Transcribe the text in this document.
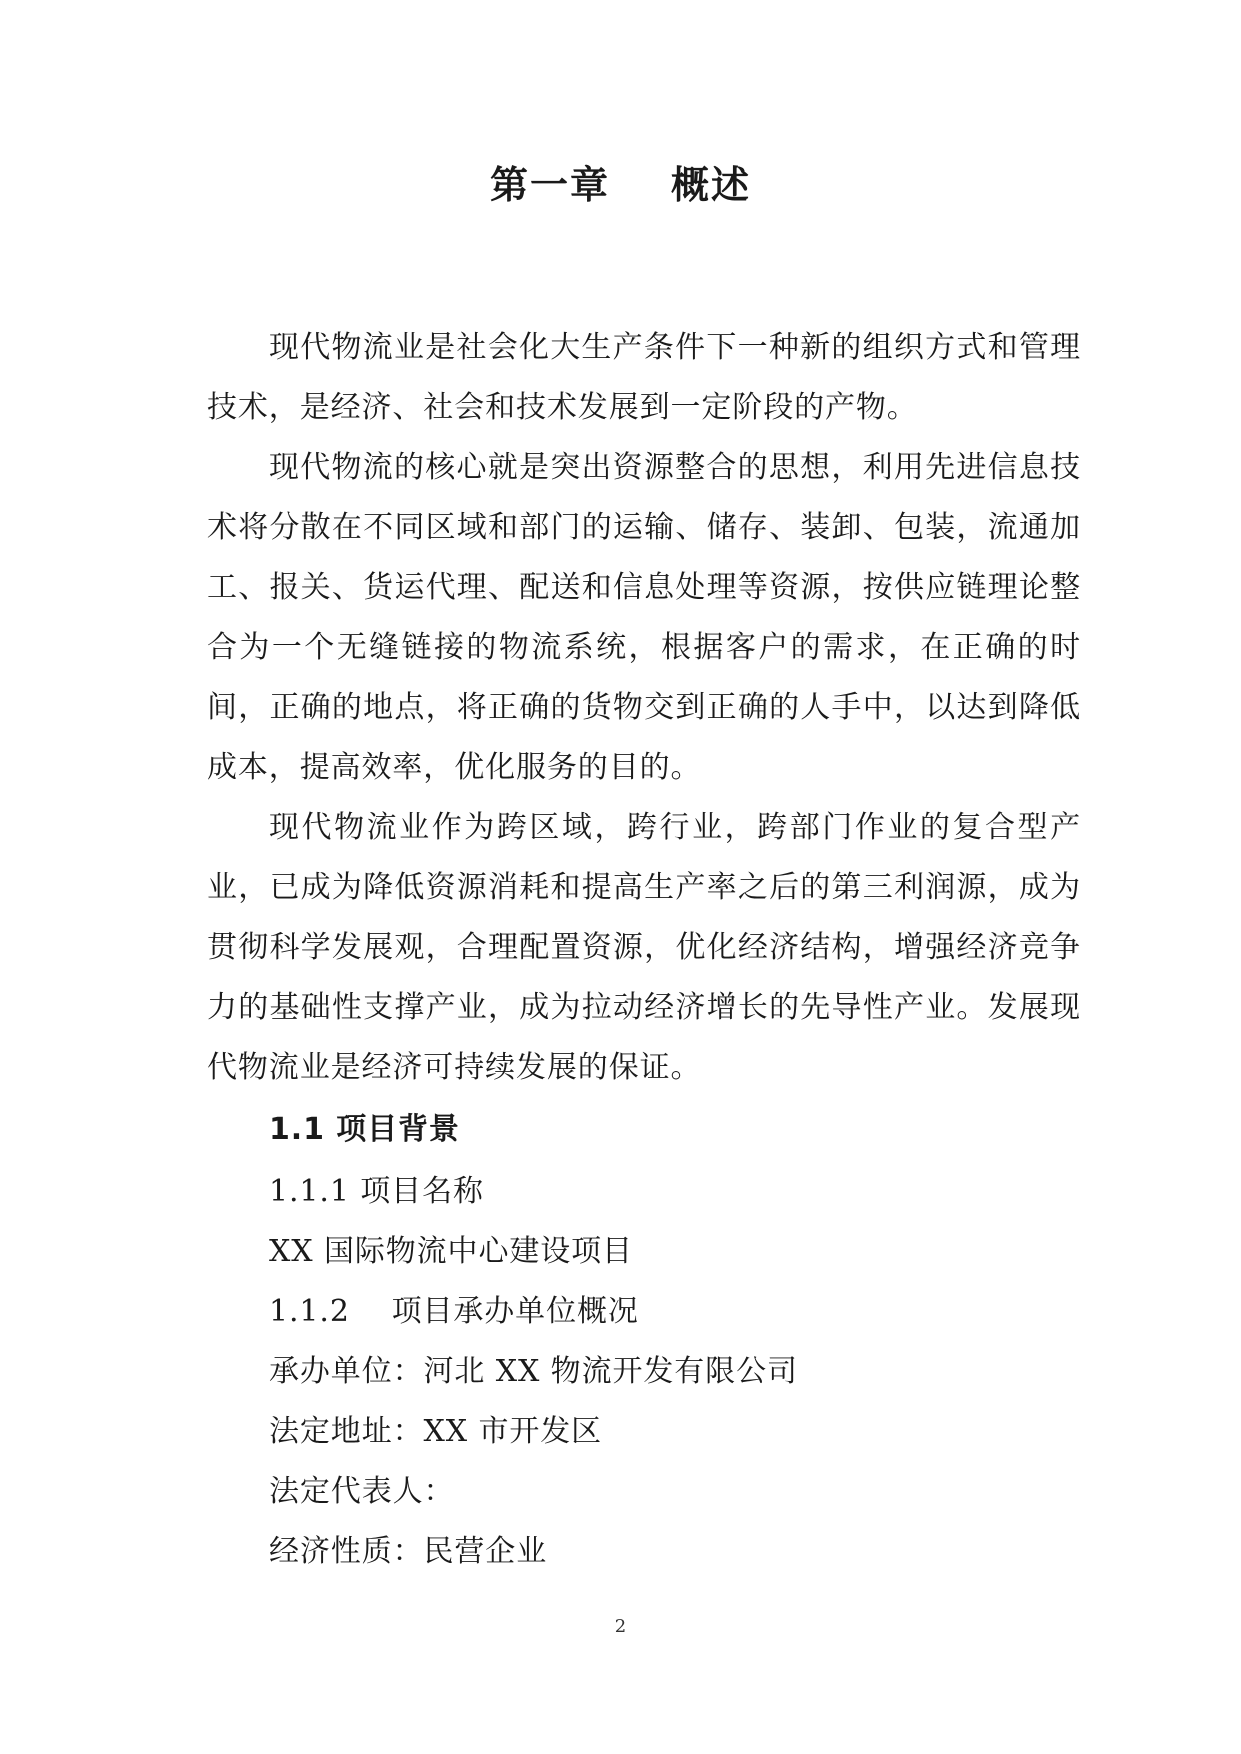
第一章    概述

现代物流业是社会化大生产条件下一种新的组织方式和管理技术，是经济、社会和技术发展到一定阶段的产物。

现代物流的核心就是突出资源整合的思想，利用先进信息技术将分散在不同区域和部门的运输、储存、装卸、包装，流通加工、报关、货运代理、配送和信息处理等资源，按供应链理论整合为一个无缝链接的物流系统，根据客户的需求，在正确的时间，正确的地点，将正确的货物交到正确的人手中，以达到降低成本，提高效率，优化服务的目的。

现代物流业作为跨区域，跨行业，跨部门作业的复合型产业，已成为降低资源消耗和提高生产率之后的第三利润源，成为贯彻科学发展观，合理配置资源，优化经济结构，增强经济竞争力的基础性支撑产业，成为拉动经济增长的先导性产业。发展现代物流业是经济可持续发展的保证。

1.1 项目背景
1.1.1 项目名称
XX 国际物流中心建设项目
1.1.2    项目承办单位概况
承办单位：河北 XX 物流开发有限公司
法定地址：XX 市开发区
法定代表人：
经济性质：民营企业
2
